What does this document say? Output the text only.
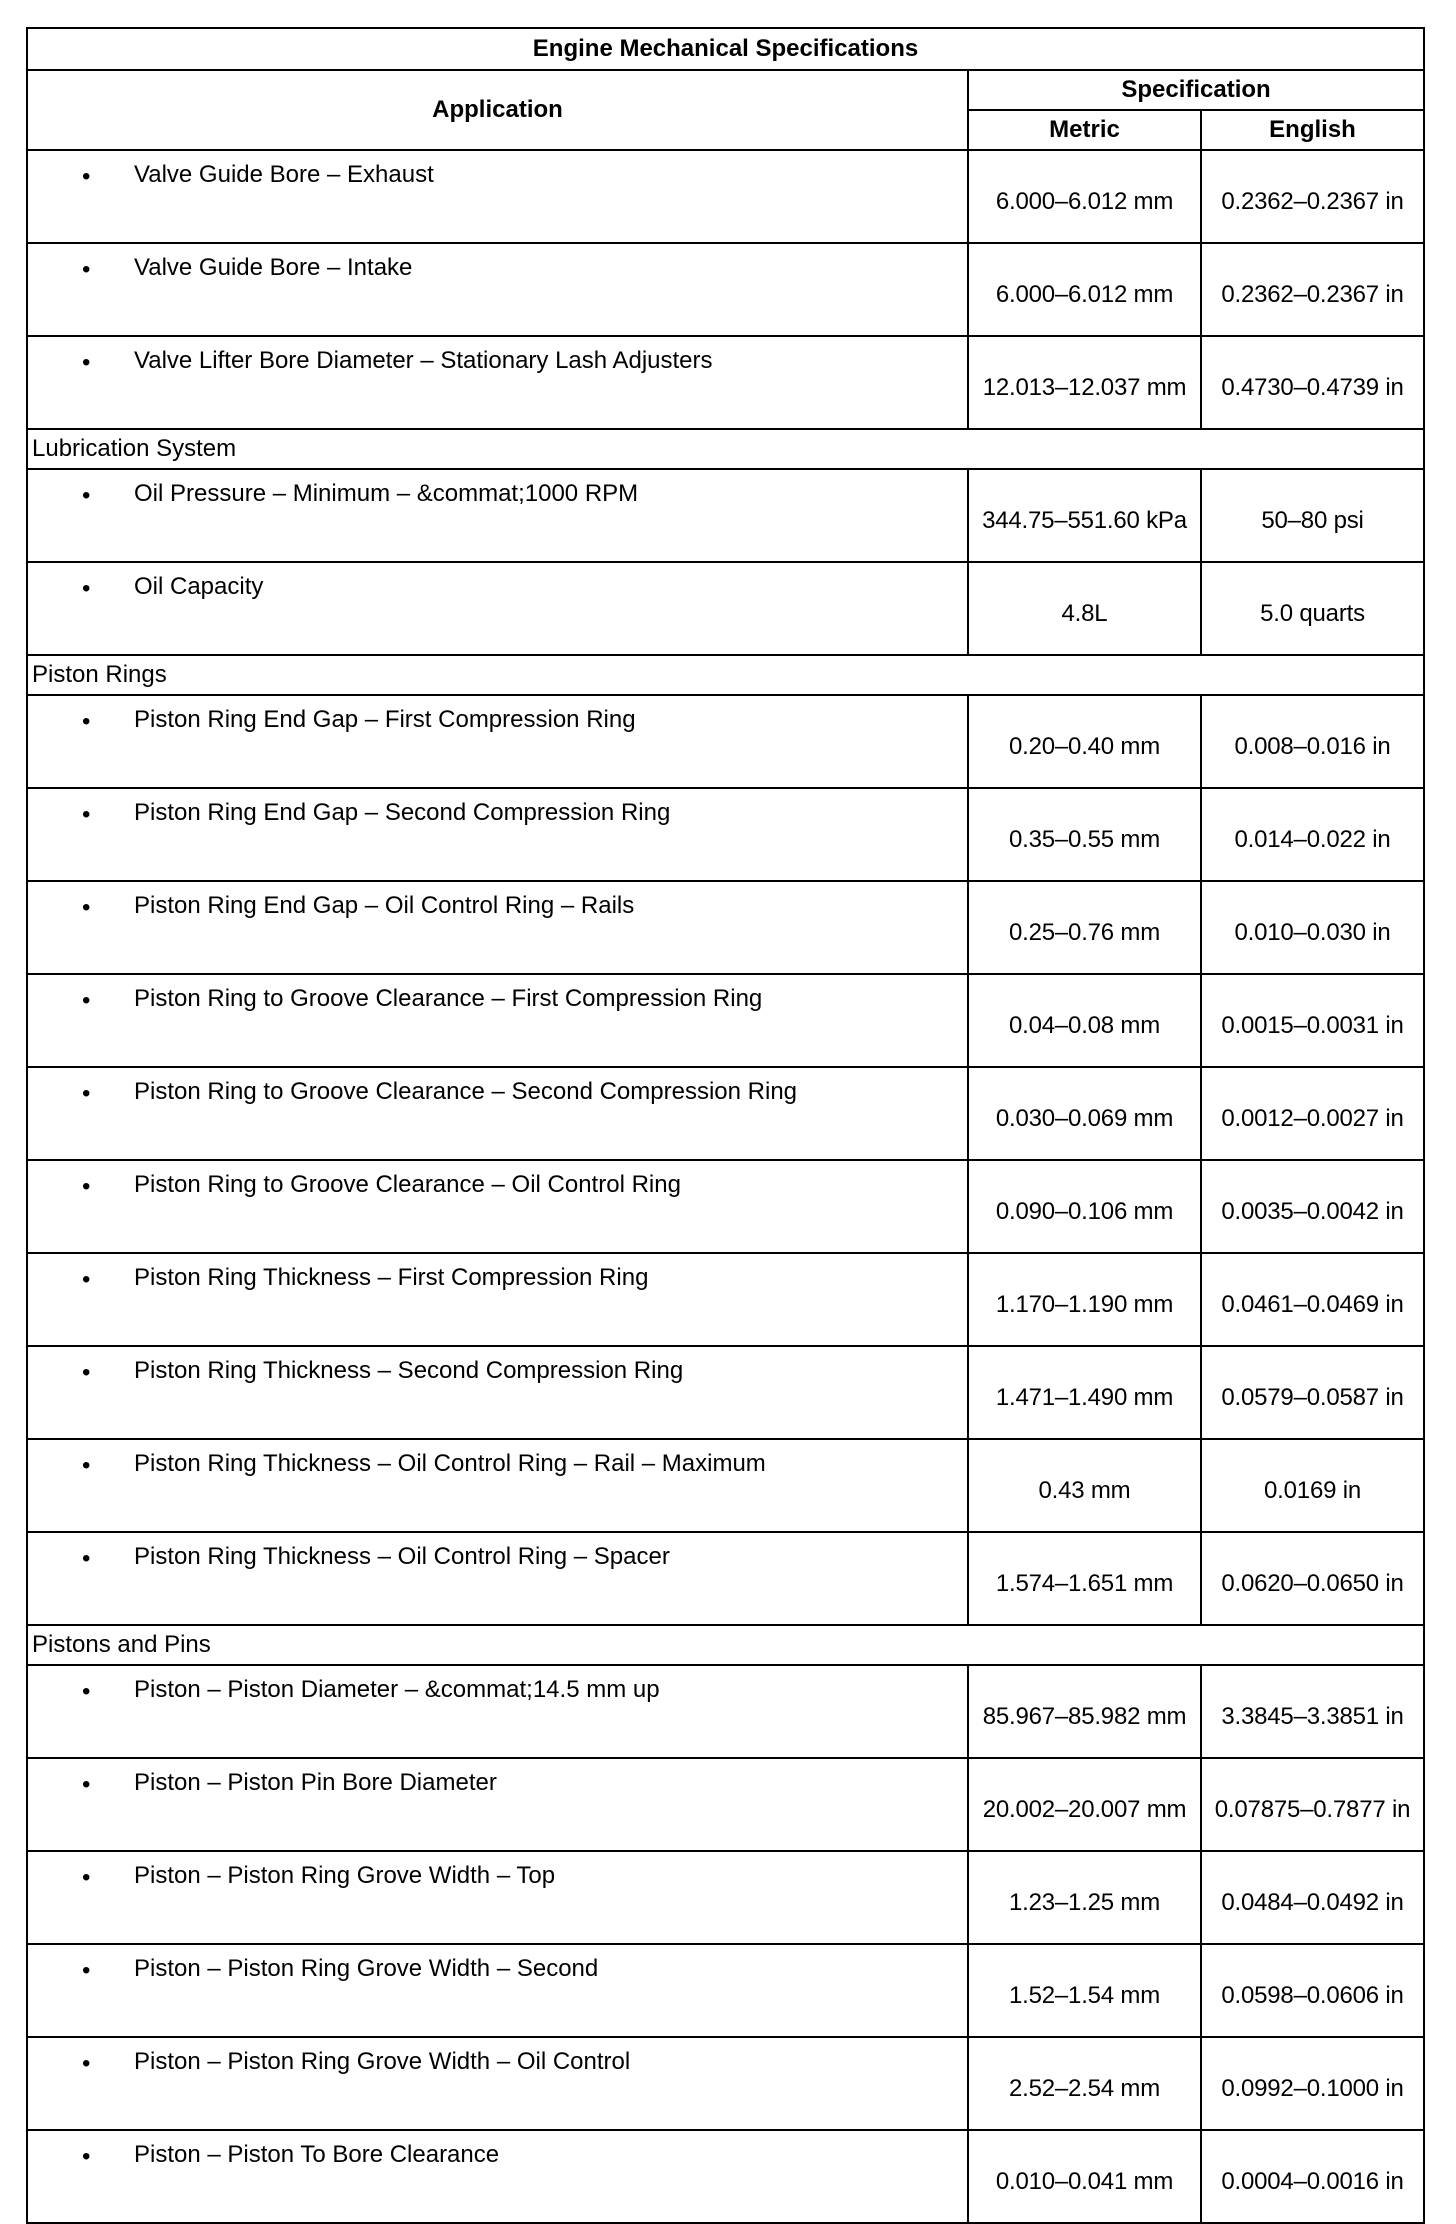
Engine Mechanical Specifications		
Application	Specification	
	Metric	English

• Valve Guide Bore – Exhaust	6.000–6.012 mm	0.2362–0.2367 in

• Valve Guide Bore – Intake	6.000–6.012 mm	0.2362–0.2367 in

• Valve Lifter Bore Diameter – Stationary Lash Adjusters	12.013–12.037 mm	0.4730–0.4739 in
Lubrication System		

• Oil Pressure – Minimum – &commat;1000 RPM	344.75–551.60 kPa	50–80 psi

• Oil Capacity	4.8L	5.0 quarts
Piston Rings		

• Piston Ring End Gap – First Compression Ring	0.20–0.40 mm	0.008–0.016 in

• Piston Ring End Gap – Second Compression Ring	0.35–0.55 mm	0.014–0.022 in

• Piston Ring End Gap – Oil Control Ring – Rails	0.25–0.76 mm	0.010–0.030 in

• Piston Ring to Groove Clearance – First Compression Ring	0.04–0.08 mm	0.0015–0.0031 in

• Piston Ring to Groove Clearance – Second Compression Ring	0.030–0.069 mm	0.0012–0.0027 in

• Piston Ring to Groove Clearance – Oil Control Ring	0.090–0.106 mm	0.0035–0.0042 in

• Piston Ring Thickness – First Compression Ring	1.170–1.190 mm	0.0461–0.0469 in

• Piston Ring Thickness – Second Compression Ring	1.471–1.490 mm	0.0579–0.0587 in

• Piston Ring Thickness – Oil Control Ring – Rail – Maximum	0.43 mm	0.0169 in

• Piston Ring Thickness – Oil Control Ring – Spacer	1.574–1.651 mm	0.0620–0.0650 in
Pistons and Pins		

• Piston – Piston Diameter – &commat;14.5 mm up	85.967–85.982 mm	3.3845–3.3851 in

• Piston – Piston Pin Bore Diameter	20.002–20.007 mm	0.07875–0.7877 in

• Piston – Piston Ring Grove Width – Top	1.23–1.25 mm	0.0484–0.0492 in

• Piston – Piston Ring Grove Width – Second	1.52–1.54 mm	0.0598–0.0606 in

• Piston – Piston Ring Grove Width – Oil Control	2.52–2.54 mm	0.0992–0.1000 in

• Piston – Piston To Bore Clearance	0.010–0.041 mm	0.0004–0.0016 in
